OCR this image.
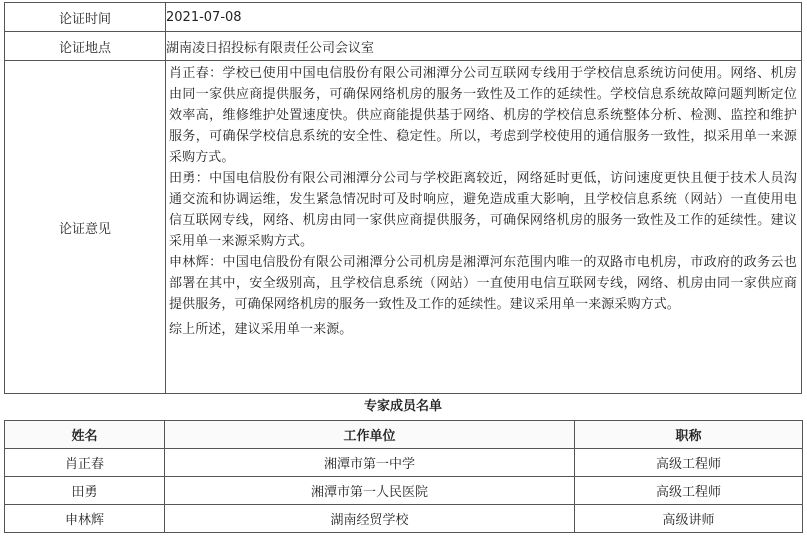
论证时间	2021-07-08
论证地点	湖南凌日招投标有限责任公司会议室
论证意见	肖正春：学校已使用中国电信股份有限公司湘潭分公司互联网专线用于学校信息系统访问使用。网络、机房由同一家供应商提供服务，可确保网络机房的服务一致性及工作的延续性。学校信息系统故障问题判断定位效率高，维修维护处置速度快。供应商能提供基于网络、机房的学校信息系统整体分析、检测、监控和维护服务，可确保学校信息系统的安全性、稳定性。所以，考虑到学校使用的通信服务一致性，拟采用单一来源采购方式。

田勇：中国电信股份有限公司湘潭分公司与学校距离较近，网络延时更低，访问速度更快且便于技术人员沟通交流和协调运维，发生紧急情况时可及时响应，避免造成重大影响，且学校信息系统（网站）一直使用电信互联网专线，网络、机房由同一家供应商提供服务，可确保网络机房的服务一致性及工作的延续性。建议采用单一来源采购方式。

申林辉：中国电信股份有限公司湘潭分公司机房是湘潭河东范围内唯一的双路市电机房，市政府的政务云也部署在其中，安全级别高，且学校信息系统（网站）一直使用电信互联网专线，网络、机房由同一家供应商提供服务，可确保网络机房的服务一致性及工作的延续性。建议采用单一来源采购方式。

综上所述，建议采用单一来源。

专家成员名单
姓名	工作单位	职称
肖正春	湘潭市第一中学	高级工程师
田勇	湘潭市第一人民医院	高级工程师
申林辉	湖南经贸学校	高级讲师
